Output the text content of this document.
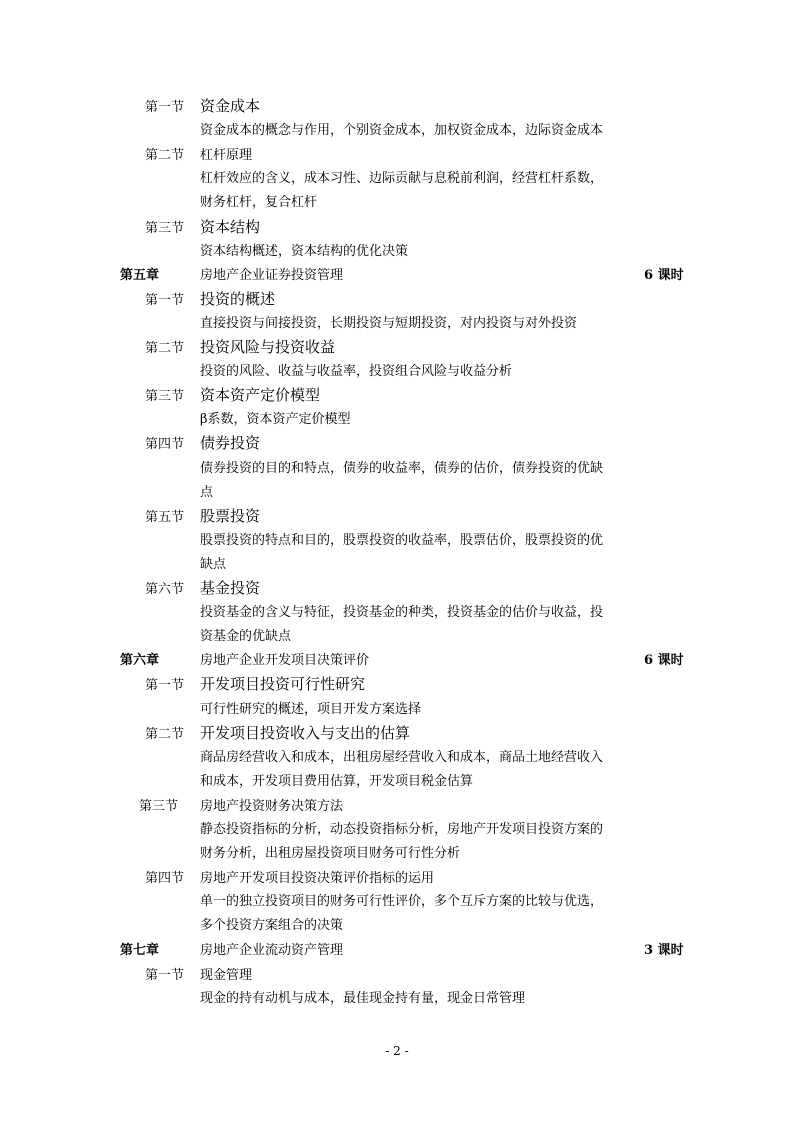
第一节 资金成本
资金成本的概念与作用，个别资金成本，加权资金成本，边际资金成本
第二节 杠杆原理
杠杆效应的含义，成本习性、边际贡献与息税前利润，经营杠杆系数，
财务杠杆，复合杠杆
第三节 资本结构
资本结构概述，资本结构的优化决策
第五章	房地产企业证券投资管理	6 课时
第一节 投资的概述
直接投资与间接投资，长期投资与短期投资，对内投资与对外投资
第二节 投资风险与投资收益
投资的风险、收益与收益率，投资组合风险与收益分析
第三节 资本资产定价模型
β系数，资本资产定价模型
第四节 债券投资
债券投资的目的和特点，债券的收益率，债券的估价，债券投资的优缺
点
第五节 股票投资
股票投资的特点和目的，股票投资的收益率，股票估价，股票投资的优
缺点
第六节 基金投资
投资基金的含义与特征，投资基金的种类，投资基金的估价与收益，投
资基金的优缺点
第六章	房地产企业开发项目决策评价	6 课时
第一节 开发项目投资可行性研究
可行性研究的概述，项目开发方案选择
第二节 开发项目投资收入与支出的估算
商品房经营收入和成本，出租房屋经营收入和成本，商品土地经营收入
和成本，开发项目费用估算，开发项目税金估算
第三节 房地产投资财务决策方法
静态投资指标的分析，动态投资指标分析，房地产开发项目投资方案的
财务分析，出租房屋投资项目财务可行性分析
第四节 房地产开发项目投资决策评价指标的运用
单一的独立投资项目的财务可行性评价，多个互斥方案的比较与优选，
多个投资方案组合的决策
第七章	房地产企业流动资产管理	3 课时
第一节 现金管理
现金的持有动机与成本，最佳现金持有量，现金日常管理
- 2 -
